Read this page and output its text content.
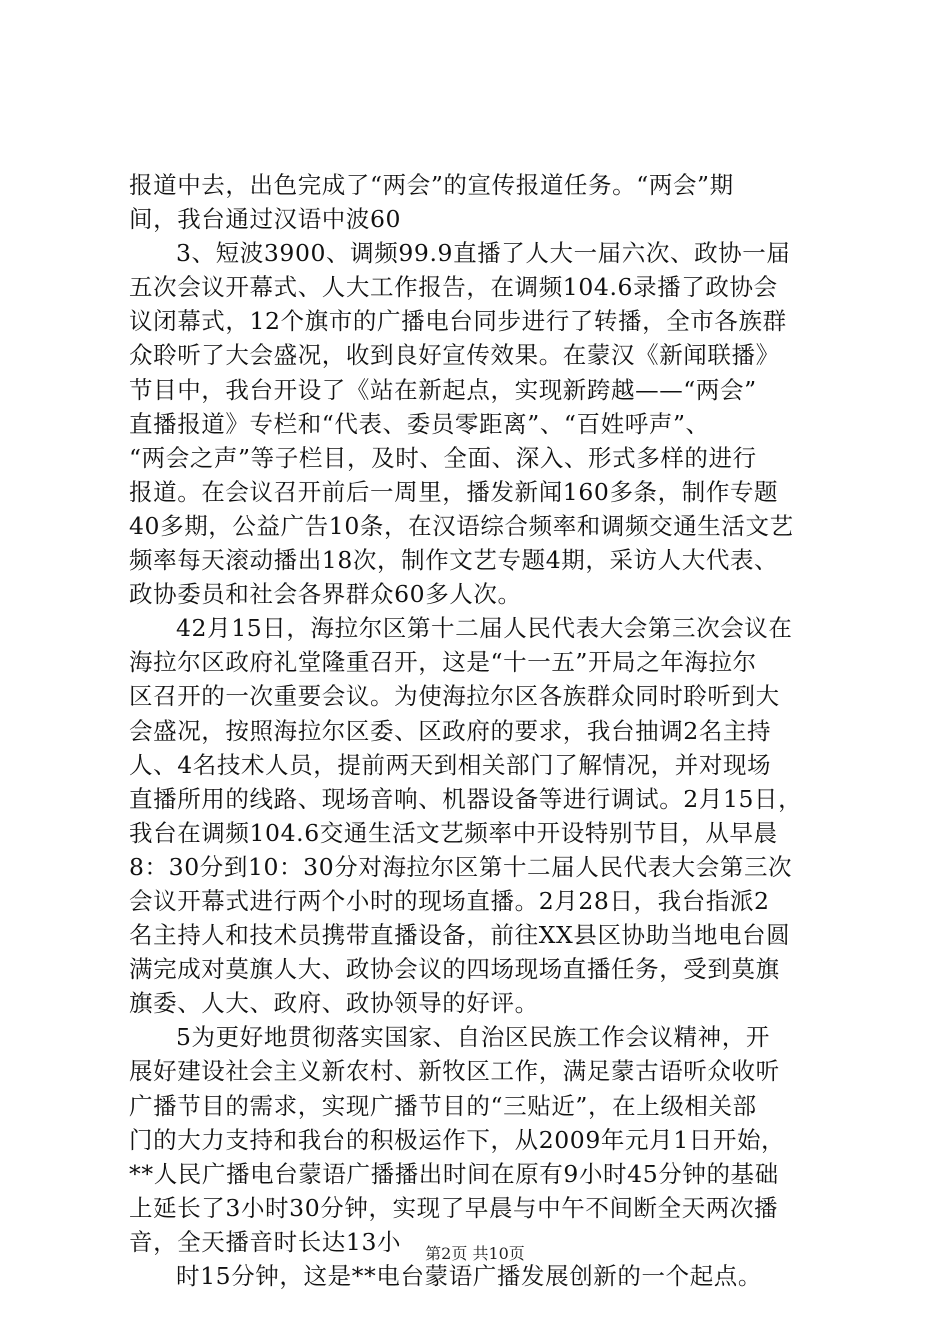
报道中去，出色完成了“两会”的宣传报道任务。“两会”期
间，我台通过汉语中波60
3、短波3900、调频99.9直播了人大一届六次、政协一届
五次会议开幕式、人大工作报告，在调频104.6录播了政协会
议闭幕式，12个旗市的广播电台同步进行了转播，全市各族群
众聆听了大会盛况，收到良好宣传效果。在蒙汉《新闻联播》
节目中，我台开设了《站在新起点，实现新跨越——“两会”
直播报道》专栏和“代表、委员零距离”、“百姓呼声”、
“两会之声”等子栏目，及时、全面、深入、形式多样的进行
报道。在会议召开前后一周里，播发新闻160多条，制作专题
40多期，公益广告10条，在汉语综合频率和调频交通生活文艺
频率每天滚动播出18次，制作文艺专题4期，采访人大代表、
政协委员和社会各界群众60多人次。
42月15日，海拉尔区第十二届人民代表大会第三次会议在
海拉尔区政府礼堂隆重召开，这是“十一五”开局之年海拉尔
区召开的一次重要会议。为使海拉尔区各族群众同时聆听到大
会盛况，按照海拉尔区委、区政府的要求，我台抽调2名主持
人、4名技术人员，提前两天到相关部门了解情况，并对现场
直播所用的线路、现场音响、机器设备等进行调试。2月15日，
我台在调频104.6交通生活文艺频率中开设特别节目，从早晨
8：30分到10：30分对海拉尔区第十二届人民代表大会第三次
会议开幕式进行两个小时的现场直播。2月28日，我台指派2
名主持人和技术员携带直播设备，前往XX县区协助当地电台圆
满完成对莫旗人大、政协会议的四场现场直播任务，受到莫旗
旗委、人大、政府、政协领导的好评。
5为更好地贯彻落实国家、自治区民族工作会议精神，开
展好建设社会主义新农村、新牧区工作，满足蒙古语听众收听
广播节目的需求，实现广播节目的“三贴近”，在上级相关部
门的大力支持和我台的积极运作下，从2009年元月1日开始，
**人民广播电台蒙语广播播出时间在原有9小时45分钟的基础
上延长了3小时30分钟，实现了早晨与中午不间断全天两次播
音，全天播音时长达13小
时15分钟，这是**电台蒙语广播发展创新的一个起点。
第2页 共10页
